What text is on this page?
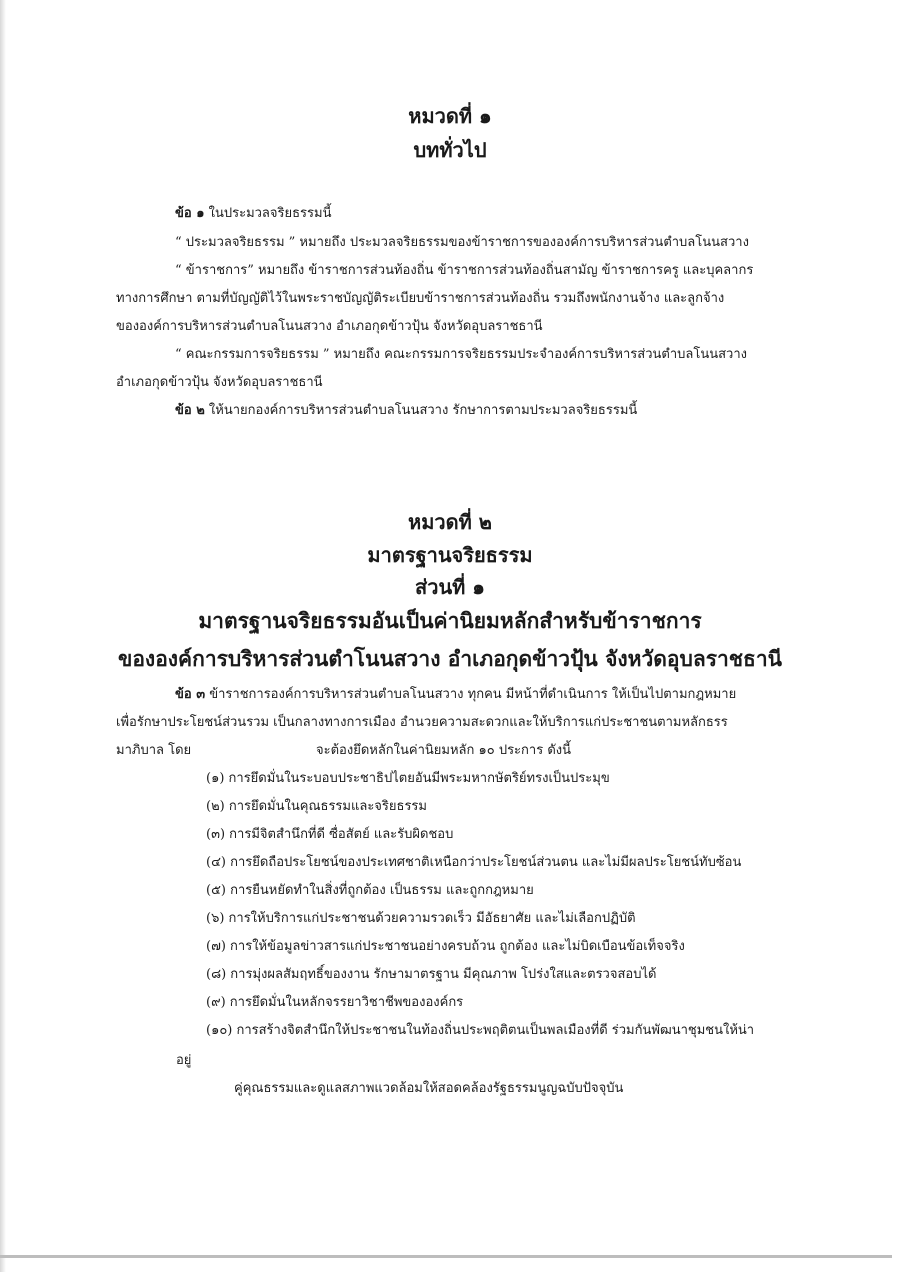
หมวดที่ ๑
บททั่วไป
ข้อ ๑ ในประมวลจริยธรรมนี้
“ ประมวลจริยธรรม ” หมายถึง ประมวลจริยธรรมของข้าราชการขององค์การบริหารส่วนตำบลโนนสวาง
“ ข้าราชการ” หมายถึง ข้าราชการส่วนท้องถิ่น ข้าราชการส่วนท้องถิ่นสามัญ ข้าราชการครู และบุคลากร
ทางการศึกษา ตามที่บัญญัติไว้ในพระราชบัญญัติระเบียบข้าราชการส่วนท้องถิ่น รวมถึงพนักงานจ้าง และลูกจ้าง
ขององค์การบริหารส่วนตำบลโนนสวาง อำเภอกุดข้าวปุ้น จังหวัดอุบลราชธานี
“ คณะกรรมการจริยธรรม ” หมายถึง คณะกรรมการจริยธรรมประจำองค์การบริหารส่วนตำบลโนนสวาง
อำเภอกุดข้าวปุ้น จังหวัดอุบลราชธานี
ข้อ ๒ ให้นายกองค์การบริหารส่วนตำบลโนนสวาง รักษาการตามประมวลจริยธรรมนี้
หมวดที่ ๒
มาตรฐานจริยธรรม
ส่วนที่ ๑
มาตรฐานจริยธรรมอันเป็นค่านิยมหลักสำหรับข้าราชการ
ขององค์การบริหารส่วนตำโนนสวาง อำเภอกุดข้าวปุ้น จังหวัดอุบลราชธานี
ข้อ ๓ ข้าราชการองค์การบริหารส่วนตำบลโนนสวาง ทุกคน มีหน้าที่ดำเนินการ ให้เป็นไปตามกฎหมาย
เพื่อรักษาประโยชน์ส่วนรวม เป็นกลางทางการเมือง อำนวยความสะดวกและให้บริการแก่ประชาชนตามหลักธรร
มาภิบาล โดย	จะต้องยึดหลักในค่านิยมหลัก ๑๐ ประการ ดังนี้
(๑) การยึดมั่นในระบอบประชาธิปไตยอันมีพระมหากษัตริย์ทรงเป็นประมุข
(๒) การยึดมั่นในคุณธรรมและจริยธรรม
(๓) การมีจิตสำนึกที่ดี ซื่อสัตย์ และรับผิดชอบ
(๔) การยึดถือประโยชน์ของประเทศชาติเหนือกว่าประโยชน์ส่วนตน และไม่มีผลประโยชน์ทับซ้อน
(๕) การยืนหยัดทำในสิ่งที่ถูกต้อง เป็นธรรม และถูกกฎหมาย
(๖) การให้บริการแก่ประชาชนด้วยความรวดเร็ว มีอัธยาศัย และไม่เลือกปฏิบัติ
(๗) การให้ข้อมูลข่าวสารแก่ประชาชนอย่างครบถ้วน ถูกต้อง และไม่บิดเบือนข้อเท็จจริง
(๘) การมุ่งผลสัมฤทธิ์ของงาน รักษามาตรฐาน มีคุณภาพ โปร่งใสและตรวจสอบได้
(๙) การยึดมั่นในหลักจรรยาวิชาชีพขององค์กร
(๑๐) การสร้างจิตสำนึกให้ประชาชนในท้องถิ่นประพฤติตนเป็นพลเมืองที่ดี ร่วมกันพัฒนาชุมชนให้น่า
อยู่
คู่คุณธรรมและดูแลสภาพแวดล้อมให้สอดคล้องรัฐธรรมนูญฉบับปัจจุบัน
